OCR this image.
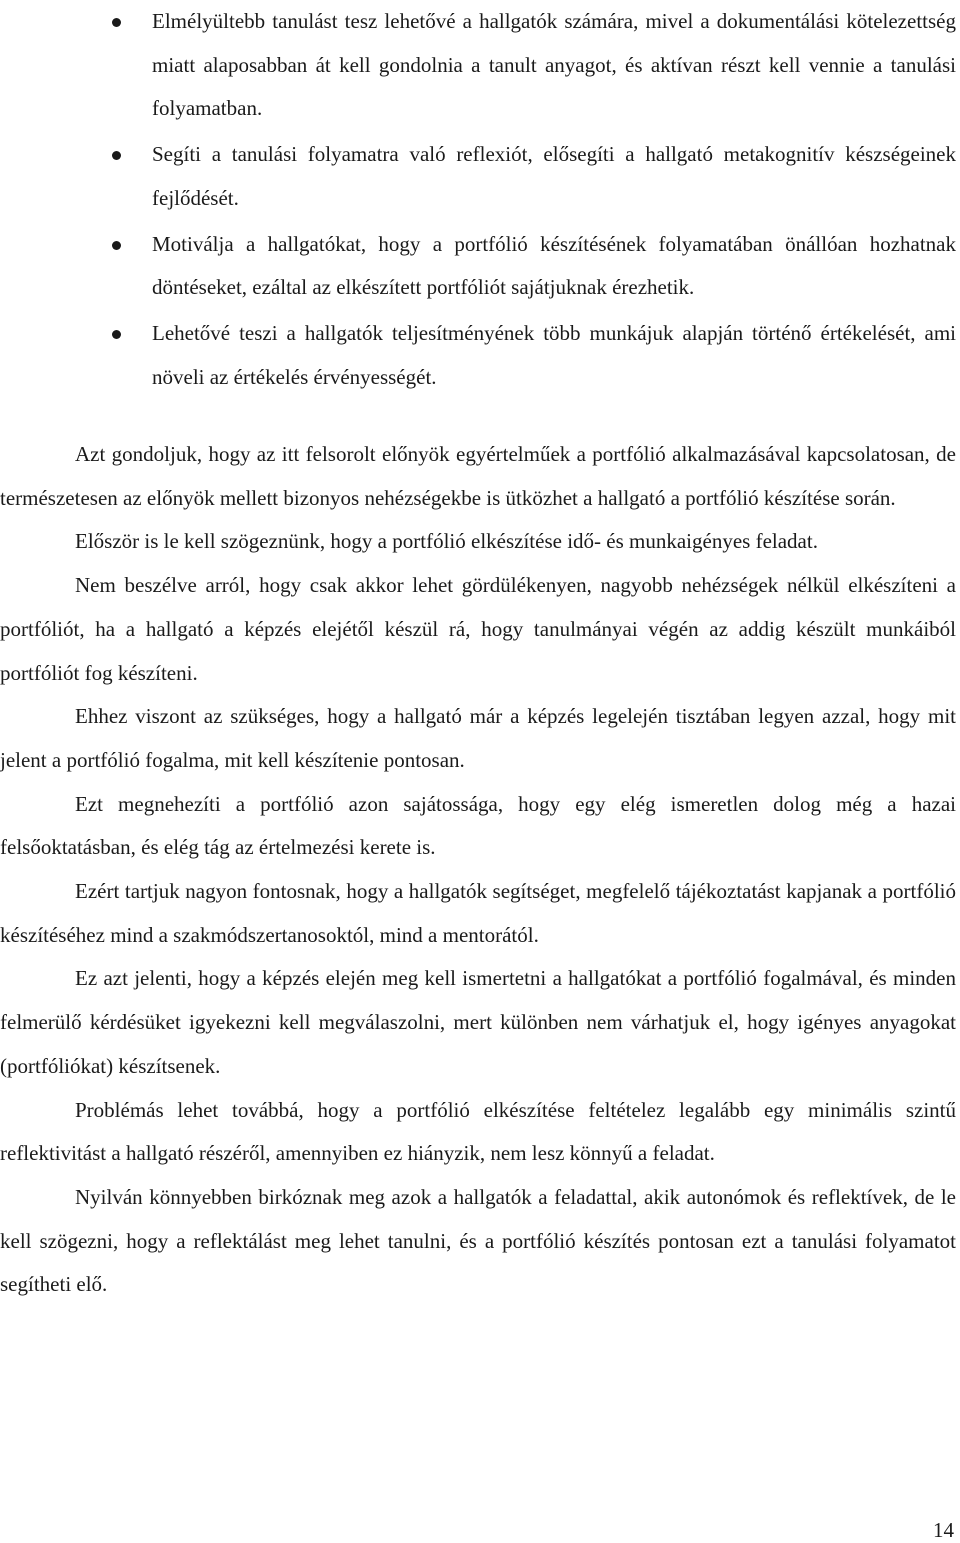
Elmélyültebb tanulást tesz lehetővé a hallgatók számára, mivel a dokumentálási kötelezettség miatt alaposabban át kell gondolnia a tanult anyagot, és aktívan részt kell vennie a tanulási folyamatban.
Segíti a tanulási folyamatra való reflexiót, elősegíti a hallgató metakognitív készségeinek fejlődését.
Motiválja a hallgatókat, hogy a portfólió készítésének folyamatában önállóan hozhatnak döntéseket, ezáltal az elkészített portfóliót sajátjuknak érezhetik.
Lehetővé teszi a hallgatók teljesítményének több munkájuk alapján történő értékelését, ami növeli az értékelés érvényességét.

Azt gondoljuk, hogy az itt felsorolt előnyök egyértelműek a portfólió alkalmazásával kapcsolatosan, de természetesen az előnyök mellett bizonyos nehézségekbe is ütközhet a hallgató a portfólió készítése során.

Először is le kell szögeznünk, hogy a portfólió elkészítése idő- és munkaigényes feladat.

Nem beszélve arról, hogy csak akkor lehet gördülékenyen, nagyobb nehézségek nélkül elkészíteni a portfóliót, ha a hallgató a képzés elejétől készül rá, hogy tanulmányai végén az addig készült munkáiból portfóliót fog készíteni.

Ehhez viszont az szükséges, hogy a hallgató már a képzés legelején tisztában legyen azzal, hogy mit jelent a portfólió fogalma, mit kell készítenie pontosan.

Ezt megnehezíti a portfólió azon sajátossága, hogy egy elég ismeretlen dolog még a hazai felsőoktatásban, és elég tág az értelmezési kerete is.

Ezért tartjuk nagyon fontosnak, hogy a hallgatók segítséget, megfelelő tájékoztatást kapjanak a portfólió készítéséhez mind a szakmódszertanosoktól, mind a mentorától.

Ez azt jelenti, hogy a képzés elején meg kell ismertetni a hallgatókat a portfólió fogalmával, és minden felmerülő kérdésüket igyekezni kell megválaszolni, mert különben nem várhatjuk el, hogy igényes anyagokat (portfóliókat) készítsenek.

Problémás lehet továbbá, hogy a portfólió elkészítése feltételez legalább egy minimális szintű reflektivitást a hallgató részéről, amennyiben ez hiányzik, nem lesz könnyű a feladat.

Nyilván könnyebben birkóznak meg azok a hallgatók a feladattal, akik autonómok és reflektívek, de le kell szögezni, hogy a reflektálást meg lehet tanulni, és a portfólió készítés pontosan ezt a tanulási folyamatot segítheti elő.

14
